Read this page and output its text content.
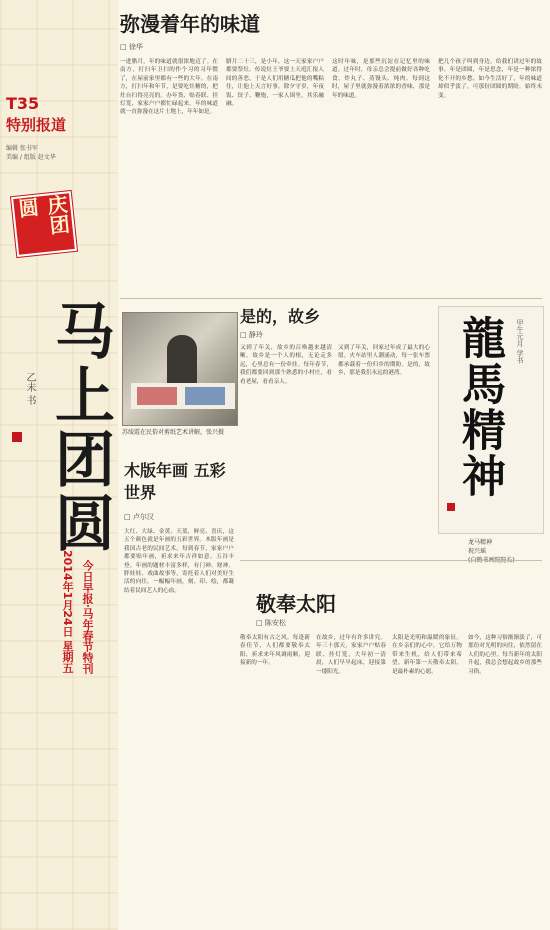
T35
特别报道
编辑 张书军
美编 / 组版 赵文华
庆团圆
乙未 书 马上团圆
2014年1月24日 星期五 今日早报·马年春节特刊
弥漫着年的味道
□ 徐华
一进腊月，年的味道就很浓地迈了。在南方，打扫年卫扫的作个习的习年惯了，在屋前家里都有一些的大年。在南方，打扫年和年节，是要吃灶糖的，把灶台扫得亮亮的。办年货、贴春联、挂灯笼，家家户户都忙碌起来。年的味道就一直弥漫在这片土地上，年年如是。
腊月二十三，是小年，这一天家家户户都要祭灶。传说灶王爷要上天庭汇报人间的善恶，于是人们用糖瓜把他的嘴粘住，让他上天言好事。除夕守岁，年夜饭、饺子、鞭炮，一家人围坐，其乐融融。
这时年味，是那些沉淀在记忆里的味道。过年时，母亲总会提前做好各种吃食，炸丸子、蒸馒头、炖肉。每到这时，屋子里就弥漫着浓浓的香味，那是年的味道。
把几个孩子叫到身边，给我们讲过年的故事。年是团圆，年是思念，年是一种浓得化不开的乡愁。如今生活好了，年的味道却似乎淡了，可那份团圆的期盼，始终未变。
是的，故乡
□ 静玲
又到了年关，故乡的召唤越来越清晰。故乡是一个人的根，无论走多远，心里总有一份牵挂。每年春节，我们都要回到那个熟悉的小村庄，看看老屋，看看亲人。
又到了年关，回家过年成了最大的心愿。火车站里人潮涌动，每一张车票都承载着一份归乡的期盼。是的，故乡，那是我们永远的港湾。
苏绫霞在民俗对剪纸艺术讲解，张兴摄
木版年画 五彩世界
□ 卢尔汉
大红、大绿、金黄、天蓝，鲜亮、喜庆，这五个颜色就是年画的五彩世界。木版年画是我国古老的民间艺术，每到春节，家家户户都要贴年画，祈求来年吉祥如意、五谷丰登。年画的题材丰富多样，有门神、财神、胖娃娃、戏曲故事等，寄托着人们对美好生活的向往。一幅幅年画，刻、印、绘，都凝结着民间艺人的心血。
甲午元月 学书
龍馬精神
龙马精神
祝兴瑶
敬奉太阳
□ 陈安松
敬奉太阳有古之风。每逢新春佳节，人们都要敬奉太阳，祈求来年风调雨顺，迎接新的一年。
在故乡，过年有许多讲究。年三十那天，家家户户贴春联、挂灯笼，大年初一清晨，人们早早起床，迎接第一缕阳光。
太阳是光明和温暖的象征。在乡亲们的心中，它给万物带来生机，给人们带来希望。新年第一天敬奉太阳，是最朴素的心愿。
如今，这种习俗渐渐淡了，可那份对光明的向往，依然留在人们的心里。每当新年的太阳升起，我总会想起故乡的那些习俗。
